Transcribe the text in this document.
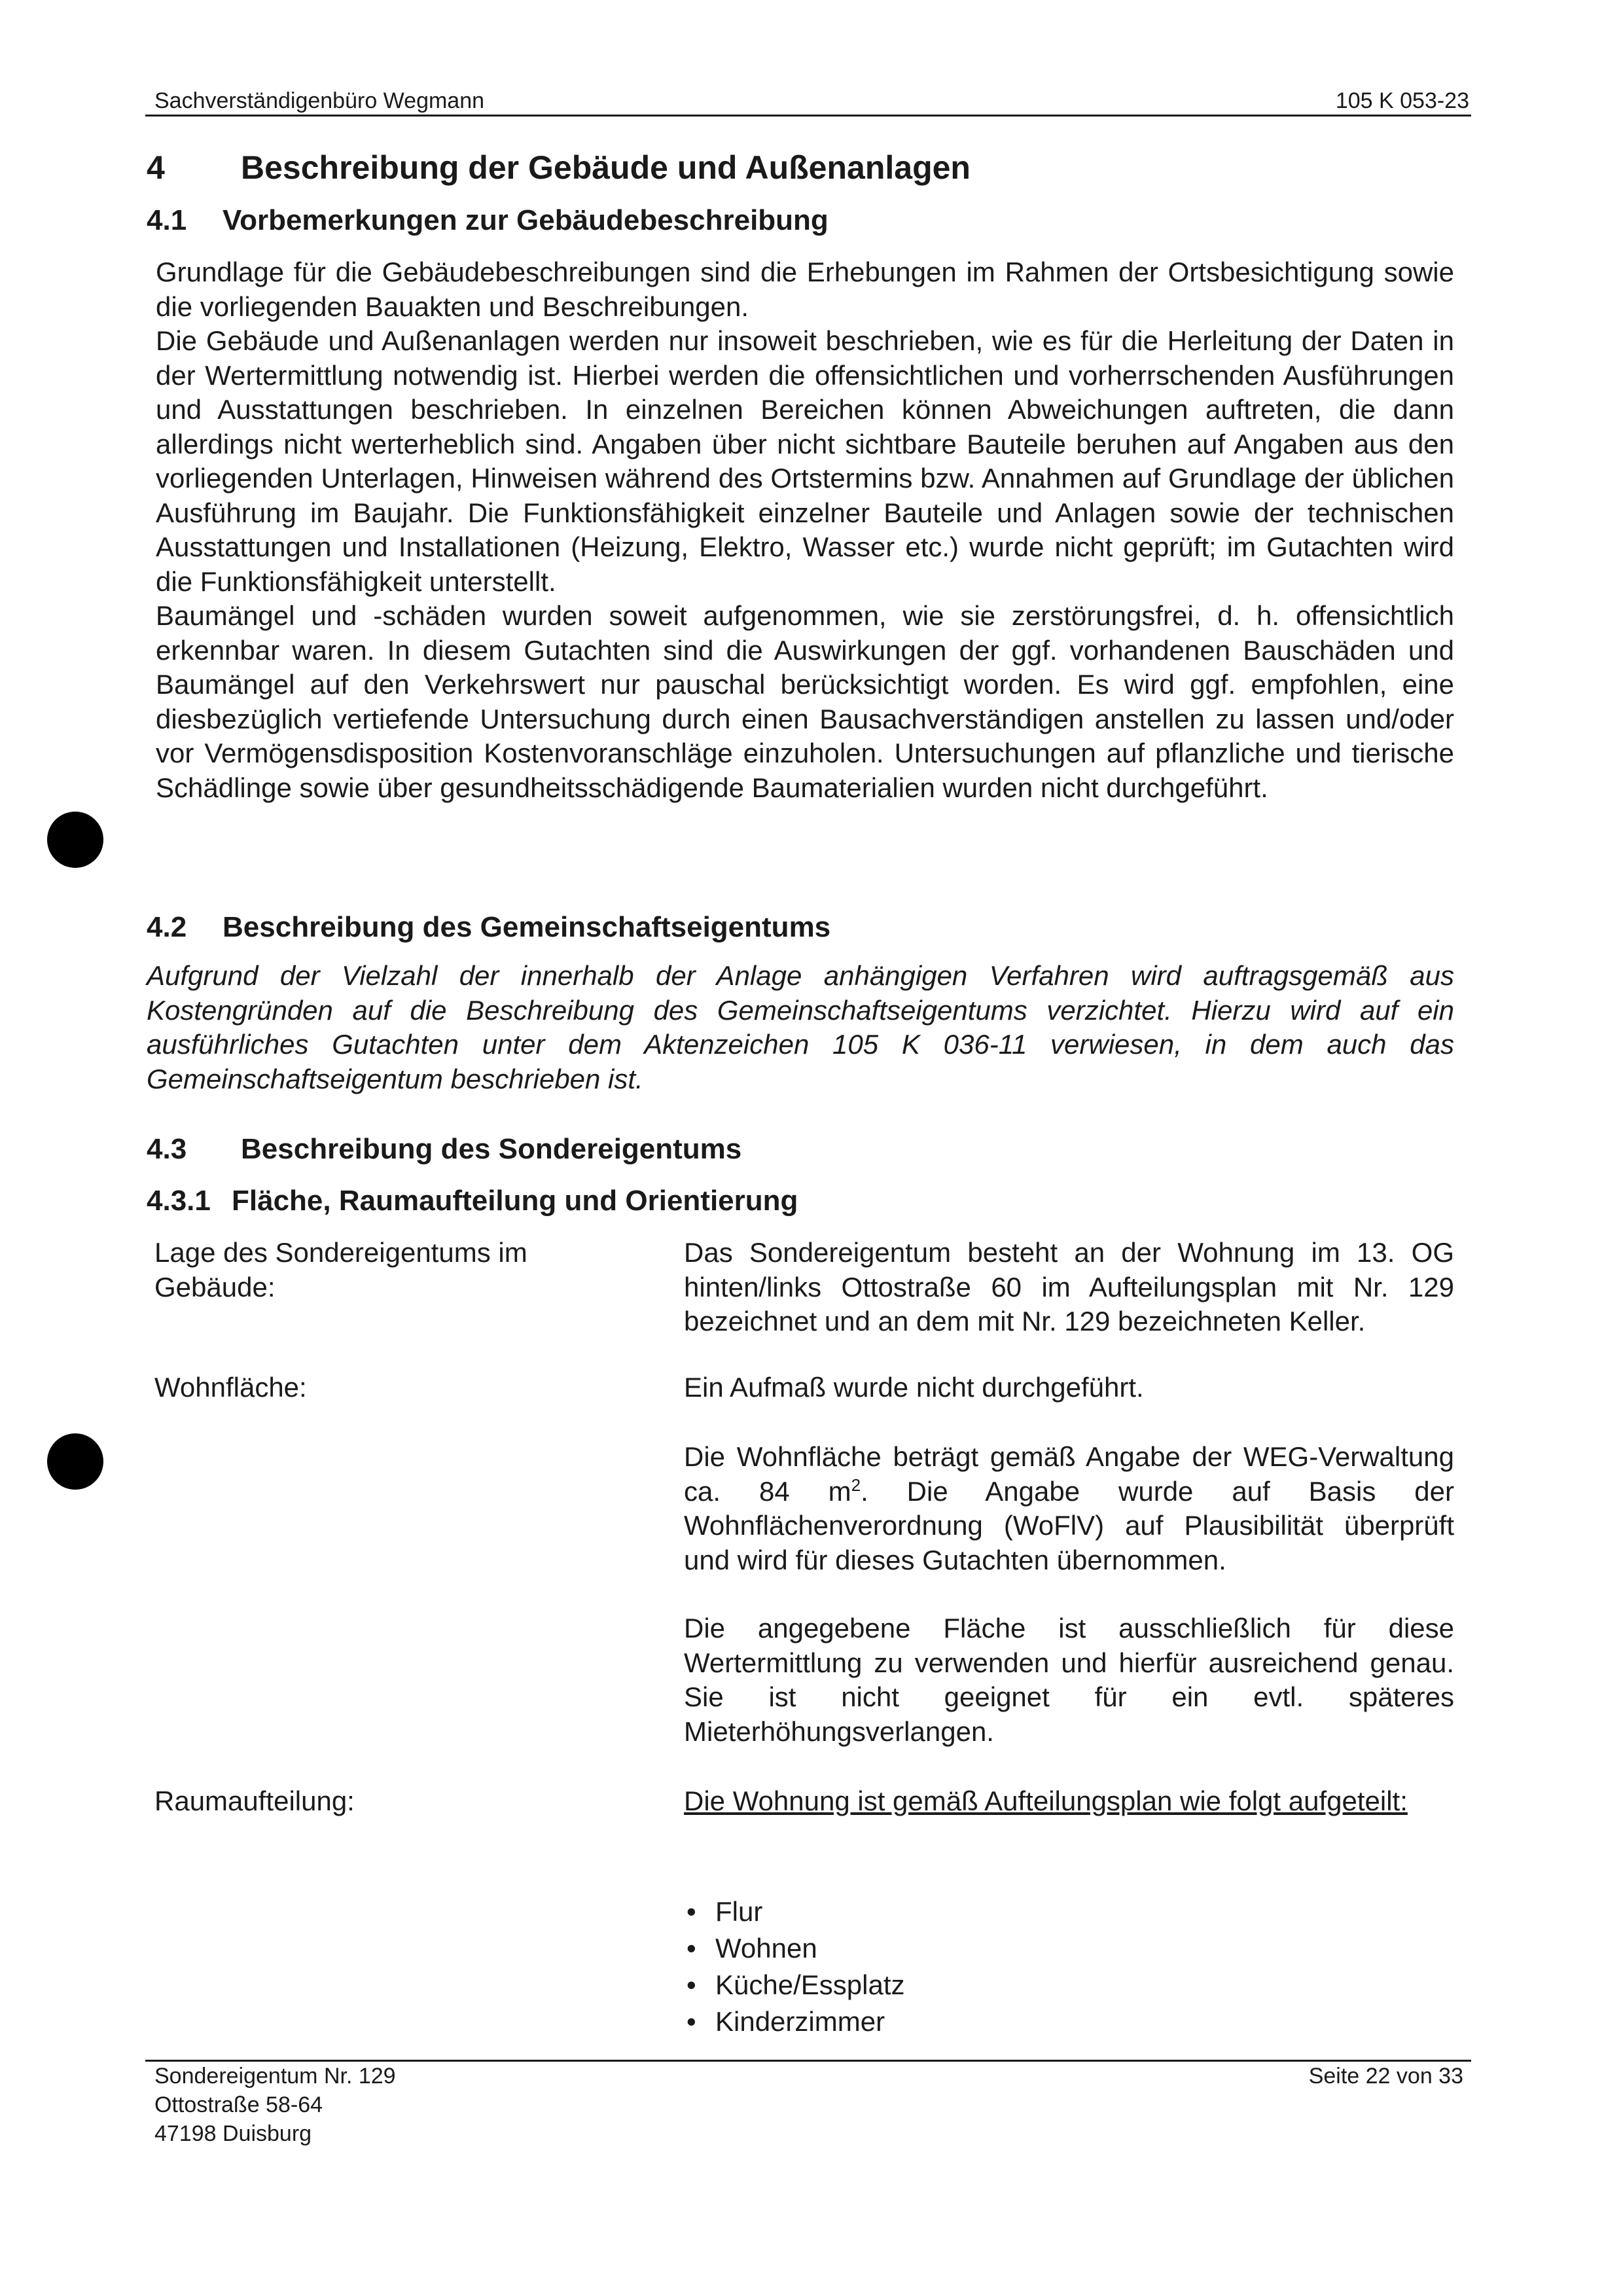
Sachverständigenbüro Wegmann	105 K 053-23
4 Beschreibung der Gebäude und Außenanlagen
4.1 Vorbemerkungen zur Gebäudebeschreibung

Grundlage für die Gebäudebeschreibungen sind die Erhebungen im Rahmen der Ortsbesichtigung sowie die vorliegenden Bauakten und Beschreibungen.

Die Gebäude und Außenanlagen werden nur insoweit beschrieben, wie es für die Herleitung der Daten in der Wertermittlung notwendig ist. Hierbei werden die offensichtlichen und vorherrschenden Ausführungen und Ausstattungen beschrieben. In einzelnen Bereichen können Abweichungen auftreten, die dann allerdings nicht werterheblich sind. Angaben über nicht sichtbare Bauteile beruhen auf Angaben aus den vorliegenden Unterlagen, Hinweisen während des Ortstermins bzw. Annahmen auf Grundlage der üblichen Ausführung im Baujahr. Die Funktionsfähigkeit einzelner Bauteile und Anlagen sowie der technischen Ausstattungen und Installationen (Heizung, Elektro, Wasser etc.) wurde nicht geprüft; im Gutachten wird die Funktionsfähigkeit unterstellt.

Baumängel und -schäden wurden soweit aufgenommen, wie sie zerstörungsfrei, d. h. offensichtlich erkennbar waren. In diesem Gutachten sind die Auswirkungen der ggf. vorhandenen Bauschäden und Baumängel auf den Verkehrswert nur pauschal berücksichtigt worden. Es wird ggf. empfohlen, eine diesbezüglich vertiefende Untersuchung durch einen Bausachverständigen anstellen zu lassen und/oder vor Vermögensdisposition Kostenvoranschläge einzuholen. Untersuchungen auf pflanzliche und tierische Schädlinge sowie über gesundheitsschädigende Baumaterialien wurden nicht durchgeführt.

4.2 Beschreibung des Gemeinschaftseigentums

Aufgrund der Vielzahl der innerhalb der Anlage anhängigen Verfahren wird auftragsgemäß aus Kostengründen auf die Beschreibung des Gemeinschaftseigentums verzichtet. Hierzu wird auf ein ausführliches Gutachten unter dem Aktenzeichen 105 K 036-11 verwiesen, in dem auch das Gemeinschaftseigentum beschrieben ist.

4.3 Beschreibung des Sondereigentums
4.3.1 Fläche, Raumaufteilung und Orientierung
Lage des Sondereigentums im
Gebäude:
Das Sondereigentum besteht an der Wohnung im 13. OG hinten/links Ottostraße 60 im Aufteilungsplan mit Nr. 129 bezeichnet und an dem mit Nr. 129 bezeichneten Keller.
Wohnfläche:	Ein Aufmaß wurde nicht durchgeführt.
Die Wohnfläche beträgt gemäß Angabe der WEG-Verwaltung ca. 84 $m^2$. Die Angabe wurde auf Basis der Wohnflächenverordnung (WoFlV) auf Plausibilität überprüft und wird für dieses Gutachten übernommen.
Die angegebene Fläche ist ausschließlich für diese Wertermittlung zu verwenden und hierfür ausreichend genau. Sie ist nicht geeignet für ein evtl. späteres Mieterhöhungsverlangen.
Raumaufteilung:	Die Wohnung ist gemäß Aufteilungsplan wie folgt aufgeteilt:
• Flur
• Wohnen
• Küche/Essplatz
• Kinderzimmer
Sondereigentum Nr. 129
Ottostraße 58-64
47198 Duisburg
Seite 22 von 33
